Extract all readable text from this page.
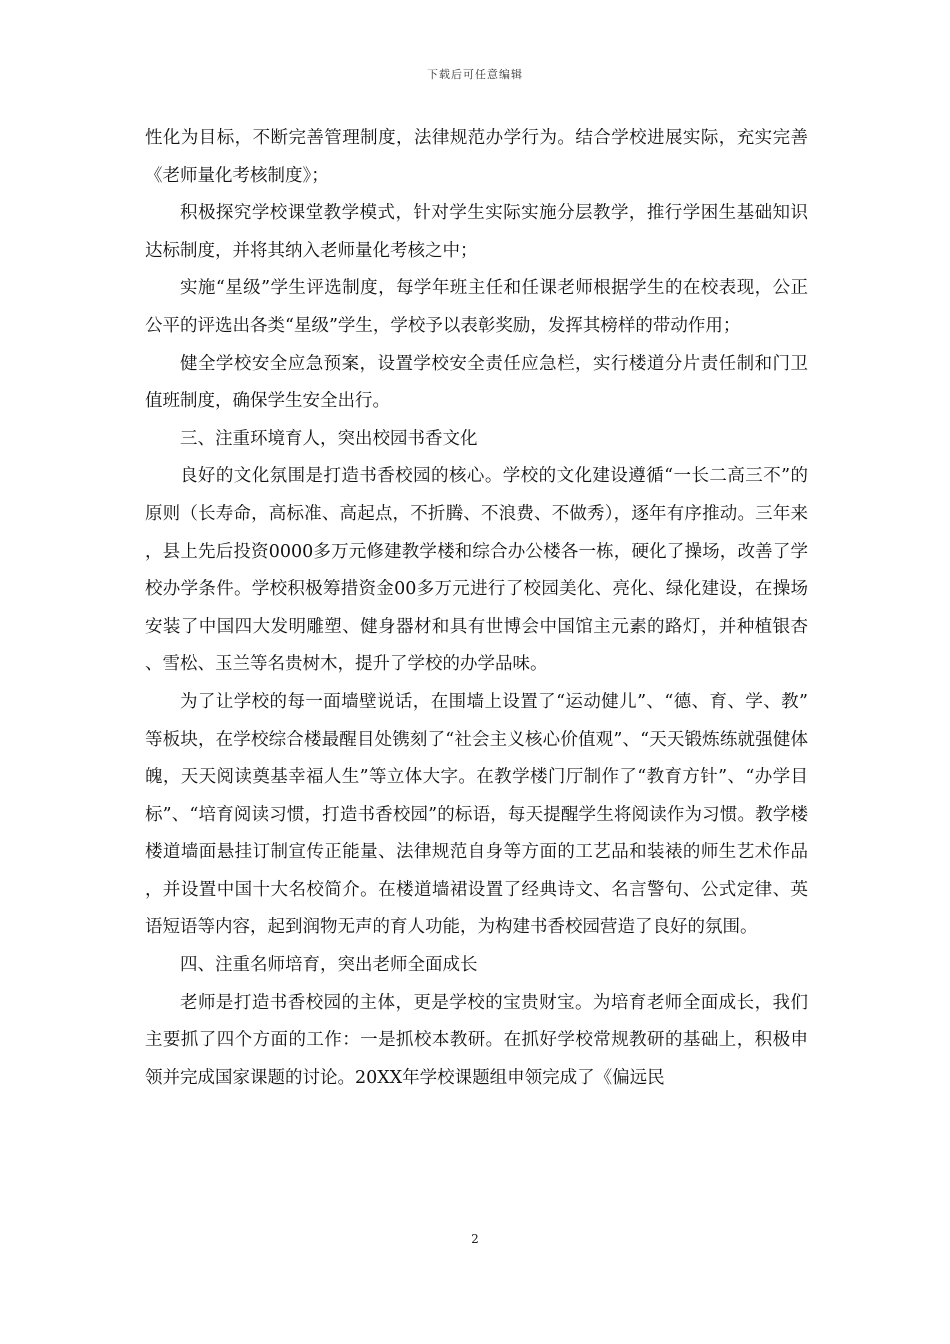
下载后可任意编辑

性化为目标，不断完善管理制度，法律规范办学行为。结合学校进展实际，充实完善《老师量化考核制度》；

积极探究学校课堂教学模式，针对学生实际实施分层教学，推行学困生基础知识达标制度，并将其纳入老师量化考核之中；

实施“星级”学生评选制度，每学年班主任和任课老师根据学生的在校表现，公正公平的评选出各类“星级”学生，学校予以表彰奖励，发挥其榜样的带动作用；

健全学校安全应急预案，设置学校安全责任应急栏，实行楼道分片责任制和门卫值班制度，确保学生安全出行。

三、注重环境育人，突出校园书香文化

良好的文化氛围是打造书香校园的核心。学校的文化建设遵循“一长二高三不”的原则（长寿命，高标准、高起点，不折腾、不浪费、不做秀），逐年有序推动。三年来，县上先后投资0000多万元修建教学楼和综合办公楼各一栋，硬化了操场，改善了学校办学条件。学校积极筹措资金00多万元进行了校园美化、亮化、绿化建设，在操场安装了中国四大发明雕塑、健身器材和具有世博会中国馆主元素的路灯，并种植银杏、雪松、玉兰等名贵树木，提升了学校的办学品味。

为了让学校的每一面墙壁说话，在围墙上设置了“运动健儿”、“德、育、学、教”等板块，在学校综合楼最醒目处镌刻了“社会主义核心价值观”、“天天锻炼练就强健体魄，天天阅读奠基幸福人生”等立体大字。在教学楼门厅制作了“教育方针”、“办学目标”、“培育阅读习惯，打造书香校园”的标语，每天提醒学生将阅读作为习惯。教学楼楼道墙面悬挂订制宣传正能量、法律规范自身等方面的工艺品和装裱的师生艺术作品，并设置中国十大名校简介。在楼道墙裙设置了经典诗文、名言警句、公式定律、英语短语等内容，起到润物无声的育人功能，为构建书香校园营造了良好的氛围。

四、注重名师培育，突出老师全面成长

老师是打造书香校园的主体，更是学校的宝贵财宝。为培育老师全面成长，我们主要抓了四个方面的工作：一是抓校本教研。在抓好学校常规教研的基础上，积极申领并完成国家课题的讨论。20XX年学校课题组申领完成了《偏远民

2
